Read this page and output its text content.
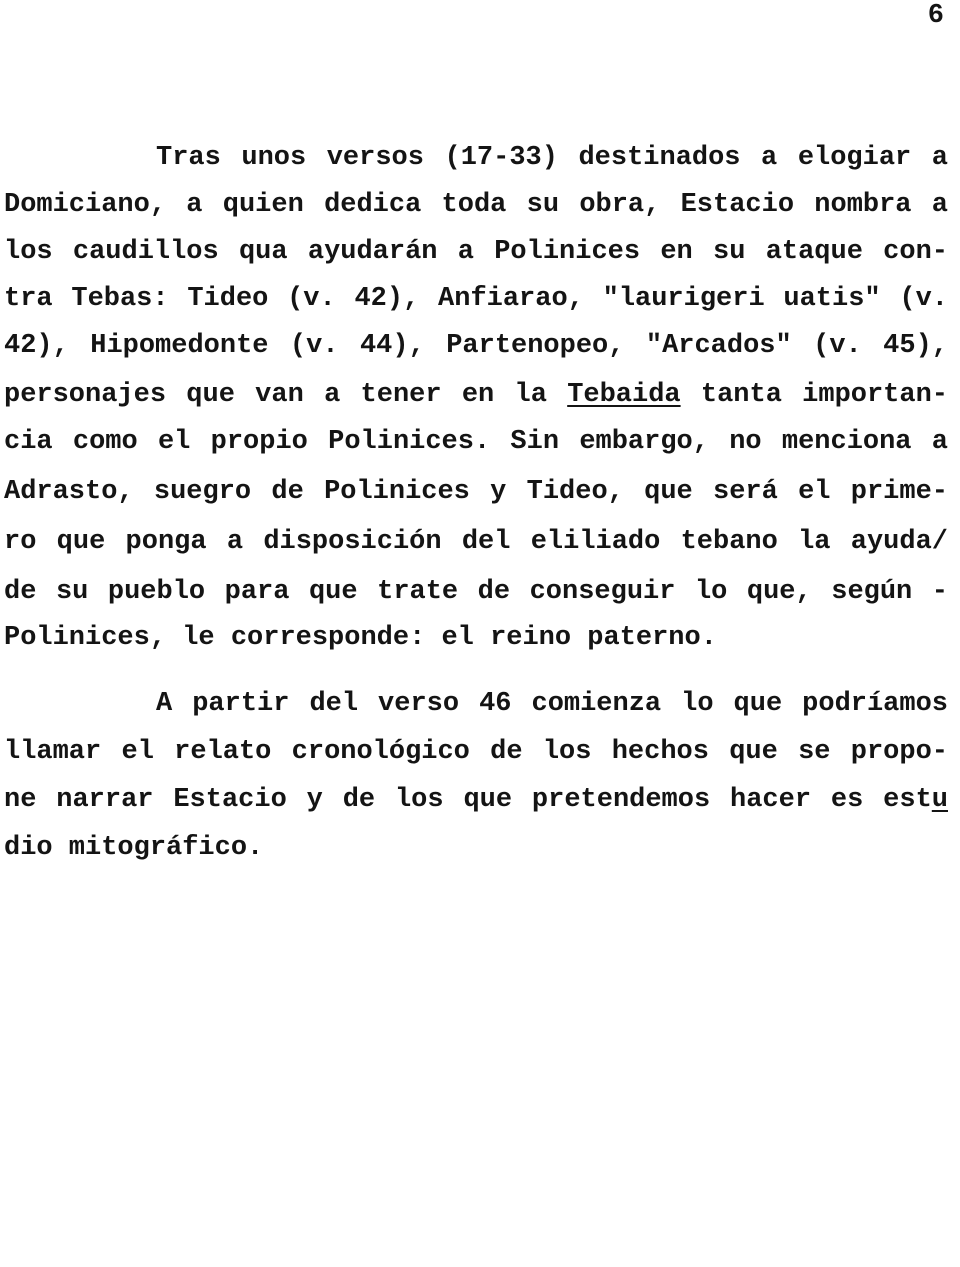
6
Tras unos versos (17-33) destinados a elogiar a
Domiciano, a quien dedica toda su obra, Estacio nombra a
los caudillos qua ayudarán a Polinices en su ataque con-
tra Tebas: Tideo (v. 42), Anfiarao, "laurigeri uatis" (v.
42), Hipomedonte (v. 44), Partenopeo, "Arcados" (v. 45),
personajes que van a tener en la Tebaida tanta importan-
cia como el propio Polinices. Sin embargo, no menciona a
Adrasto, suegro de Polinices y Tideo, que será el prime-
ro que ponga a disposición del eliliado tebano la ayuda/
de su pueblo para que trate de conseguir lo que, según -
Polinices, le corresponde: el reino paterno.
A partir del verso 46 comienza lo que podríamos
llamar el relato cronológico de los hechos que se propo-
ne narrar Estacio y de los que pretendemos hacer es estu
dio mitográfico.
